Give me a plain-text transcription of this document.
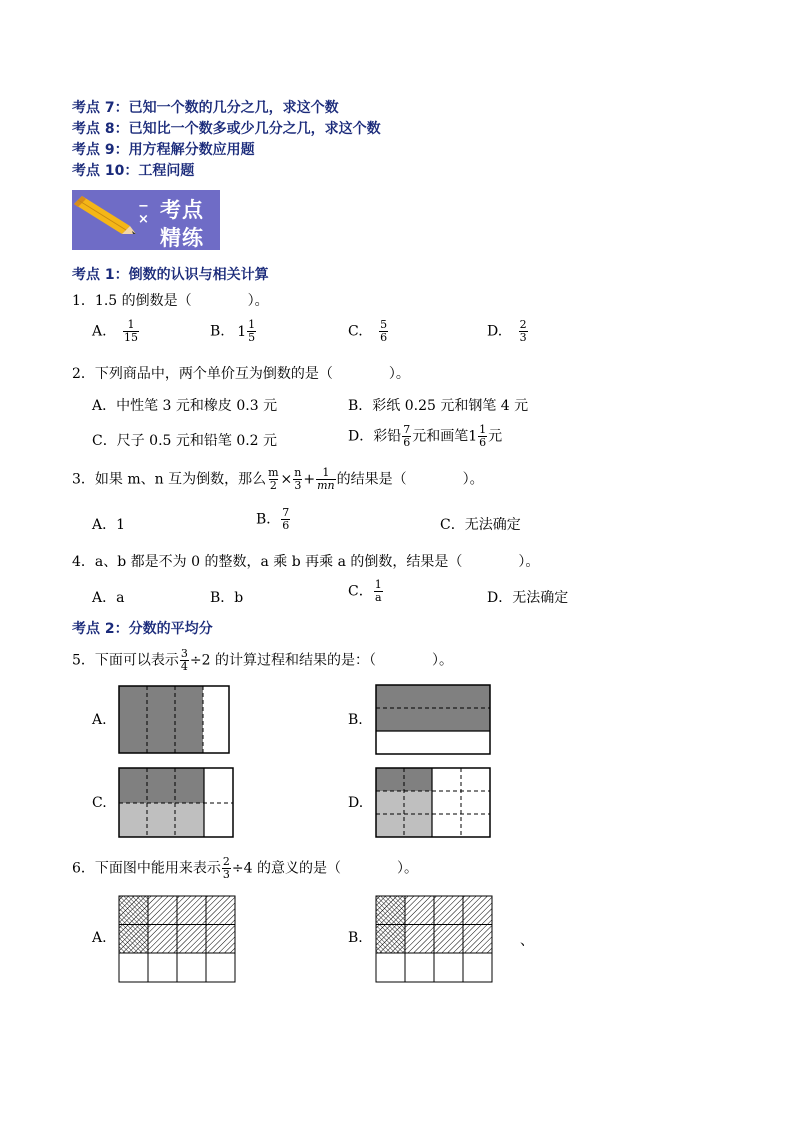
考点 7：已知一个数的几分之几，求这个数
考点 8：已知比一个数多或少几分之几，求这个数
考点 9：用方程解分数应用题
考点 10：工程问题
−
× 考点
精练
考点 1：倒数的认识与相关计算
1．1.5 的倒数是（　　　　）。
A. $\frac{1}{15}$	B. $1 \frac{1}{5}$	C. $\frac{5}{6}$	D. $\frac{2}{3}$
2．下列商品中，两个单价互为倒数的是（　　　　）。
A．中性笔 3 元和橡皮 0.3 元	B．彩纸 0.25 元和钢笔 4 元
C．尺子 0.5 元和铅笔 0.2 元	D．彩铅 $\frac{7}{6}$ 元和画笔$1 \frac{1}{6}$ 元
3．如果 m、n 互为倒数，那么 $\frac{m}{2} \times \frac{n}{3} + \frac{1}{mn}$ 的结果是（　　　　）。
A．1	B． $\frac{7}{6}$	C．无法确定
4．a、b 都是不为 0 的整数，a 乘 b 再乘 a 的倒数，结果是（　　　　）。
A．a	B．b	C． $\frac{1}{a}$	D．无法确定
考点 2：分数的平均分
5．下面可以表示 $\frac{3}{4} \div 2$ 的计算过程和结果的是：（　　　　）。
A.	B.
C.	D.
6．下面图中能用来表示 $\frac{2}{3} \div 4$ 的意义的是（　　　　）。
A.	B.	、
